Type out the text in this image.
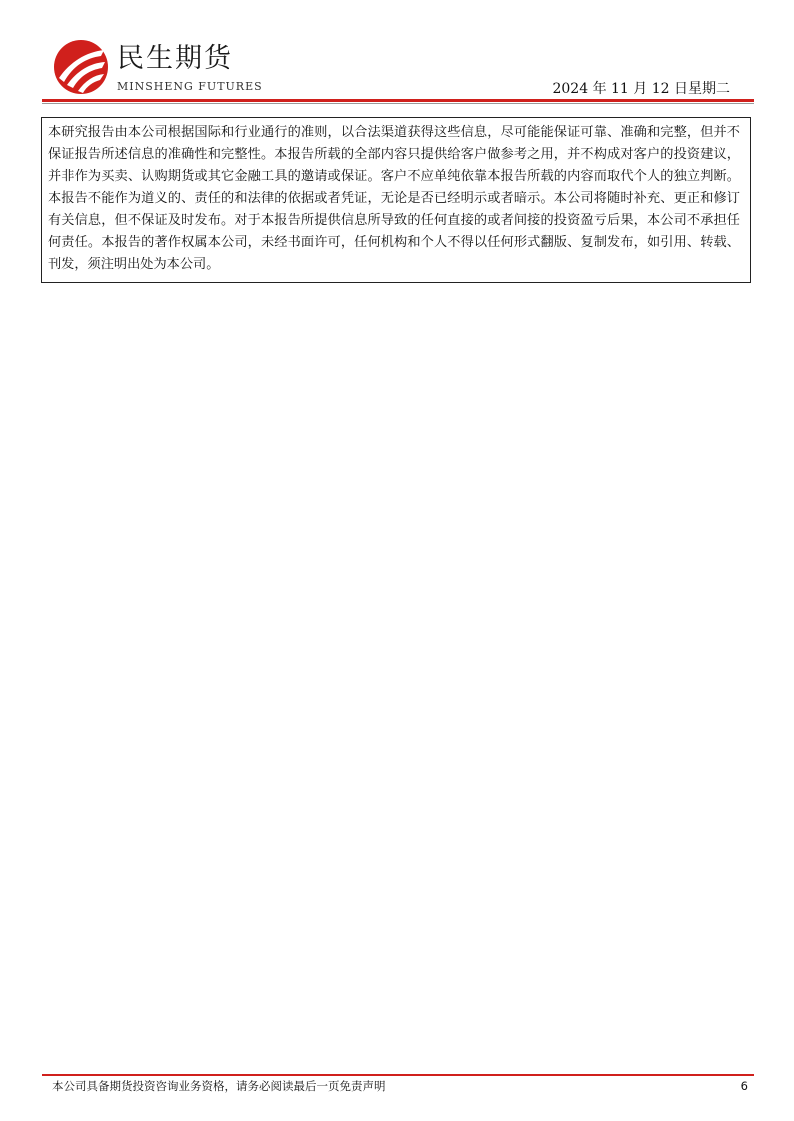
民生期货
MINSHENG FUTURES	2024 年 11 月 12 日星期二
本研究报告由本公司根据国际和行业通行的准则，以合法渠道获得这些信息，尽可能能保证可靠、准确和完整，但并不保证报告所述信息的准确性和完整性。本报告所载的全部内容只提供给客户做参考之用，并不构成对客户的投资建议，并非作为买卖、认购期货或其它金融工具的邀请或保证。客户不应单纯依靠本报告所载的内容而取代个人的独立判断。本报告不能作为道义的、责任的和法律的依据或者凭证，无论是否已经明示或者暗示。本公司将随时补充、更正和修订有关信息，但不保证及时发布。对于本报告所提供信息所导致的任何直接的或者间接的投资盈亏后果，本公司不承担任何责任。本报告的著作权属本公司，未经书面许可，任何机构和个人不得以任何形式翻版、复制发布，如引用、转载、刊发，须注明出处为本公司。
本公司具备期货投资咨询业务资格，请务必阅读最后一页免责声明	6
